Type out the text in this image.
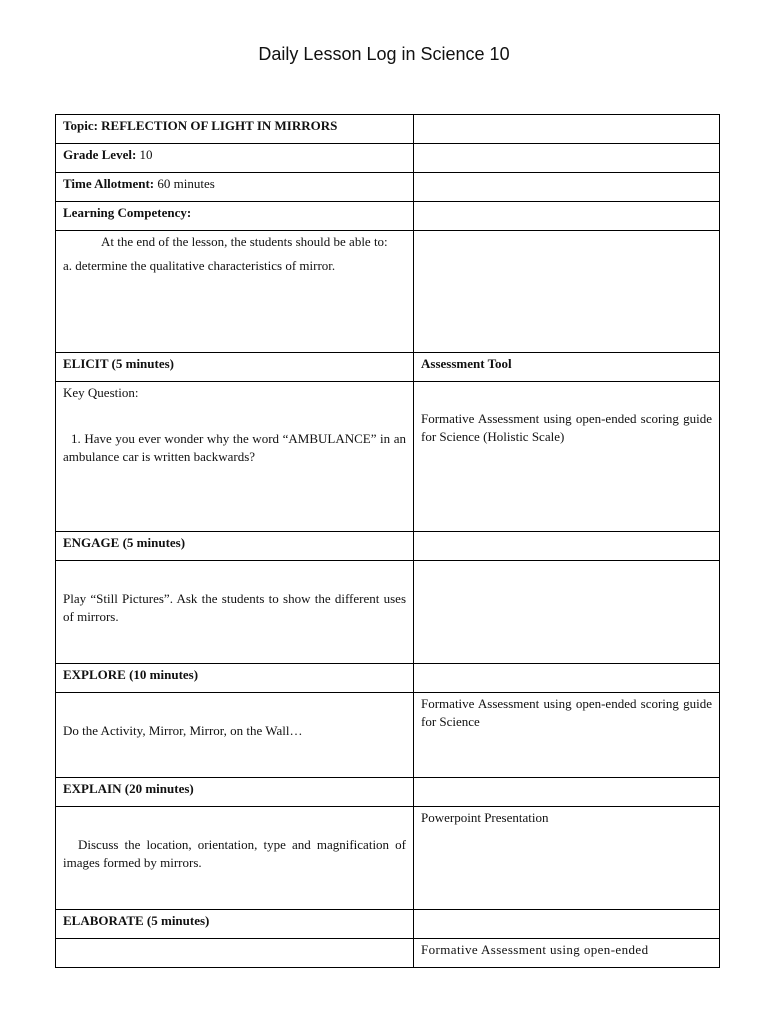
Daily Lesson Log in Science 10
Topic: REFLECTION OF LIGHT IN MIRRORS	
Grade Level: 10	
Time Allotment: 60 minutes	
Learning Competency:	

At the end of the lesson, the students should be able to:

a. determine the qualitative characteristics of mirror.	

ELICIT (5 minutes)	Assessment Tool

Key Question:

1. Have you ever wonder why the word “AMBULANCE” in an ambulance car is written backwards?	Formative Assessment using open-ended scoring guide for Science (Holistic Scale)

ENGAGE (5 minutes)	

Play “Still Pictures”. Ask the students to show the different uses of mirrors.	

EXPLORE (10 minutes)	

Do the Activity, Mirror, Mirror, on the Wall…	Formative Assessment using open-ended scoring guide for Science

EXPLAIN (20 minutes)	

Discuss the location, orientation, type and magnification of images formed by mirrors.	Powerpoint Presentation

ELABORATE (5 minutes)	

	Formative Assessment using open-ended
